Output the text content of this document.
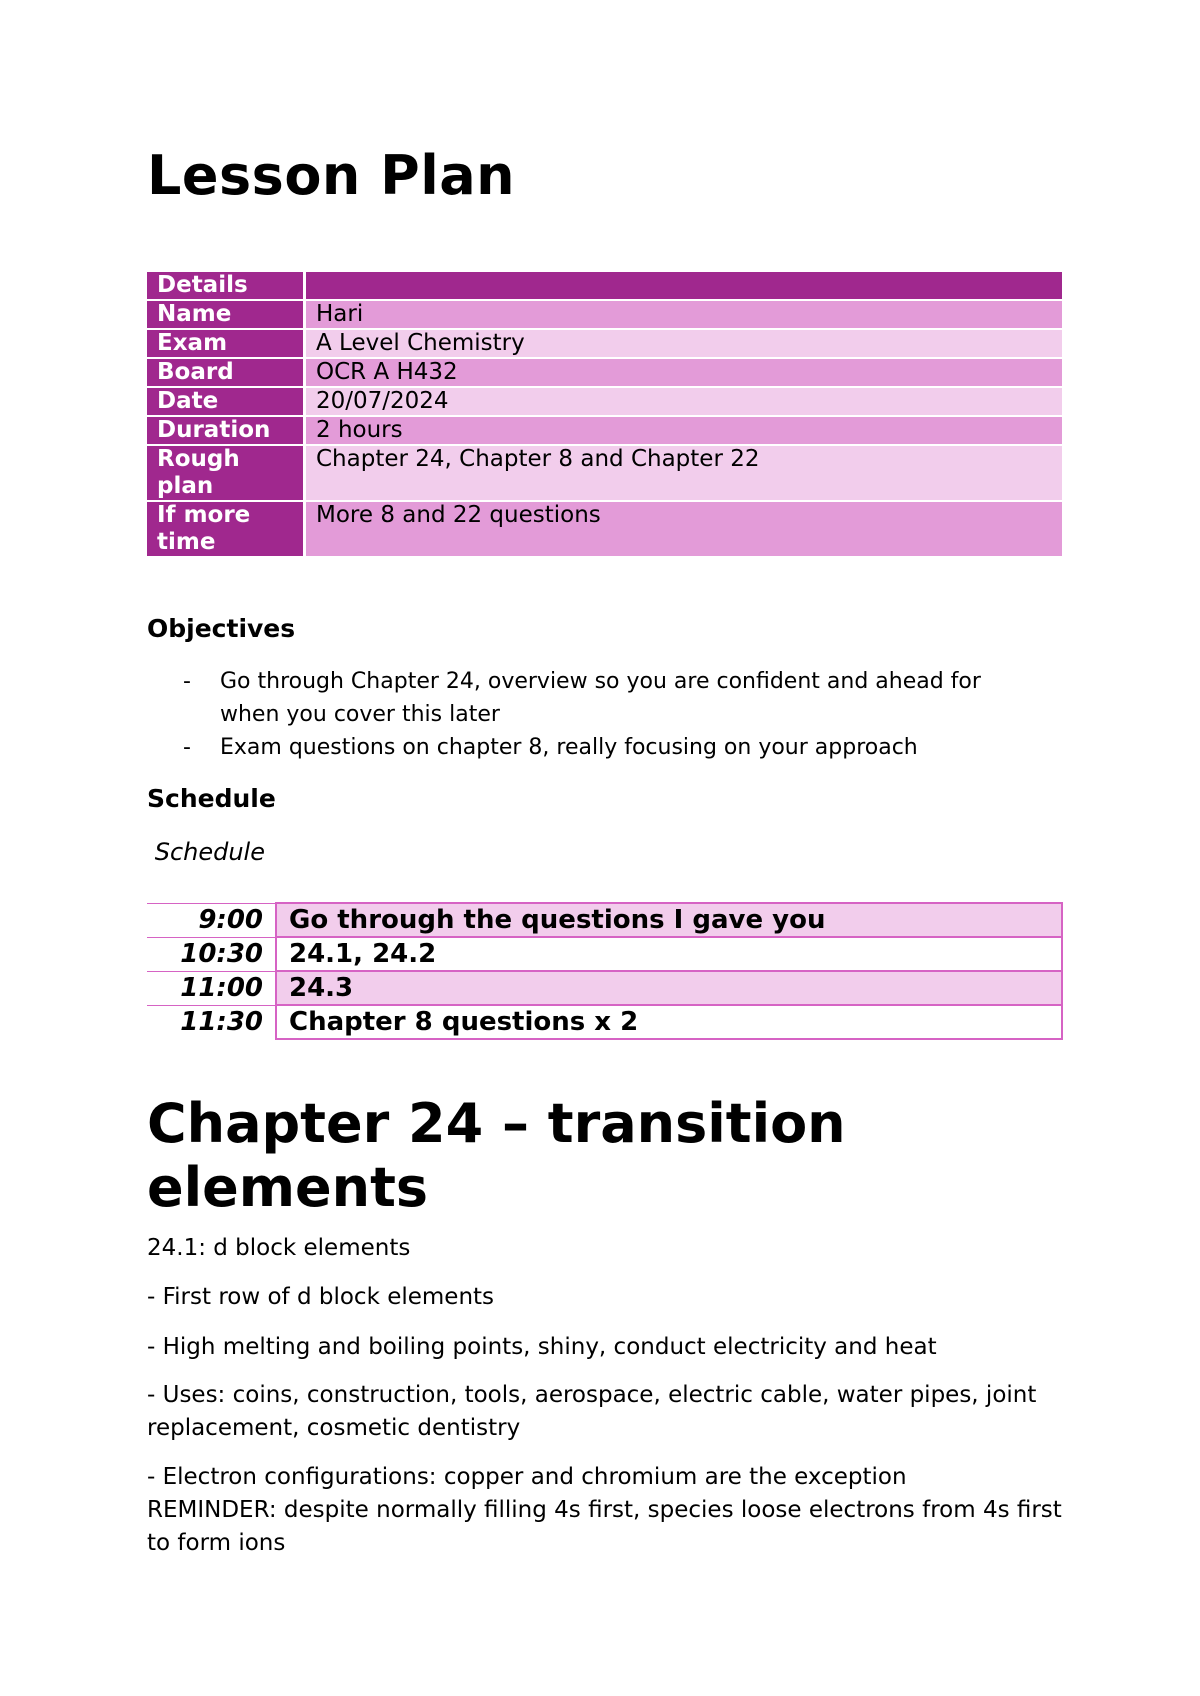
Lesson Plan
Details	
Name	Hari
Exam	A Level Chemistry
Board	OCR A H432
Date	20/07/2024
Duration	2 hours
Rough plan	Chapter 24, Chapter 8 and Chapter 22
If more time	More 8 and 22 questions
Objectives
- Go through Chapter 24, overview so you are confident and ahead for when you cover this later
- Exam questions on chapter 8, really focusing on your approach
Schedule
Schedule
9:00	Go through the questions I gave you
10:30	24.1, 24.2
11:00	24.3
11:30	Chapter 8 questions x 2
Chapter 24 – transition elements

24.1: d block elements

- First row of d block elements

- High melting and boiling points, shiny, conduct electricity and heat

- Uses: coins, construction, tools, aerospace, electric cable, water pipes, joint replacement, cosmetic dentistry

- Electron configurations: copper and chromium are the exception

REMINDER: despite normally filling 4s first, species loose electrons from 4s first to form ions
